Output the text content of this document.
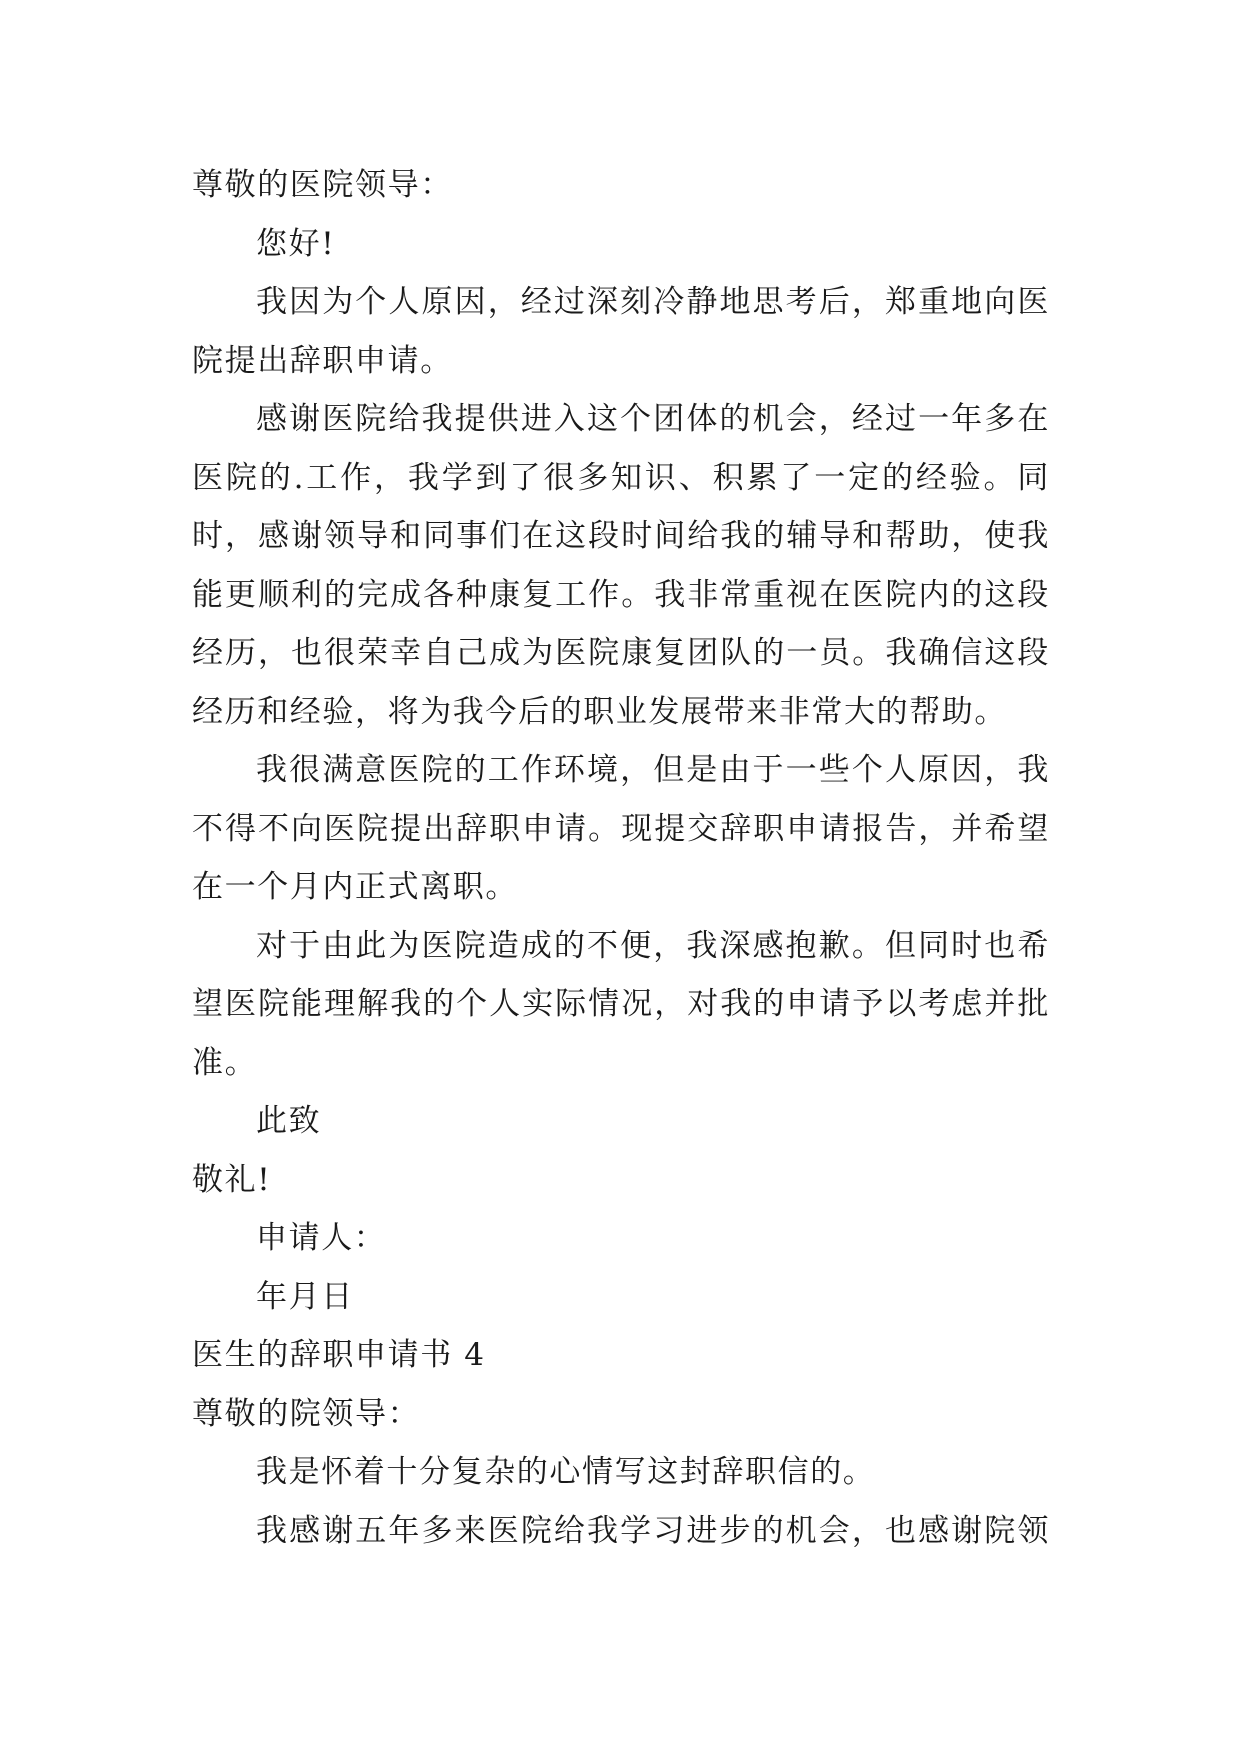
尊敬的医院领导：
您好!
我因为个人原因，经过深刻冷静地思考后，郑重地向医
院提出辞职申请。
感谢医院给我提供进入这个团体的机会，经过一年多在
医院的.工作，我学到了很多知识、积累了一定的经验。同
时，感谢领导和同事们在这段时间给我的辅导和帮助，使我
能更顺利的完成各种康复工作。我非常重视在医院内的这段
经历，也很荣幸自己成为医院康复团队的一员。我确信这段
经历和经验，将为我今后的职业发展带来非常大的帮助。
我很满意医院的工作环境，但是由于一些个人原因，我
不得不向医院提出辞职申请。现提交辞职申请报告，并希望
在一个月内正式离职。
对于由此为医院造成的不便，我深感抱歉。但同时也希
望医院能理解我的个人实际情况，对我的申请予以考虑并批
准。
此致
敬礼!
申请人：
年月日
医生的辞职申请书 4
尊敬的院领导：
我是怀着十分复杂的心情写这封辞职信的。
我感谢五年多来医院给我学习进步的机会，也感谢院领
